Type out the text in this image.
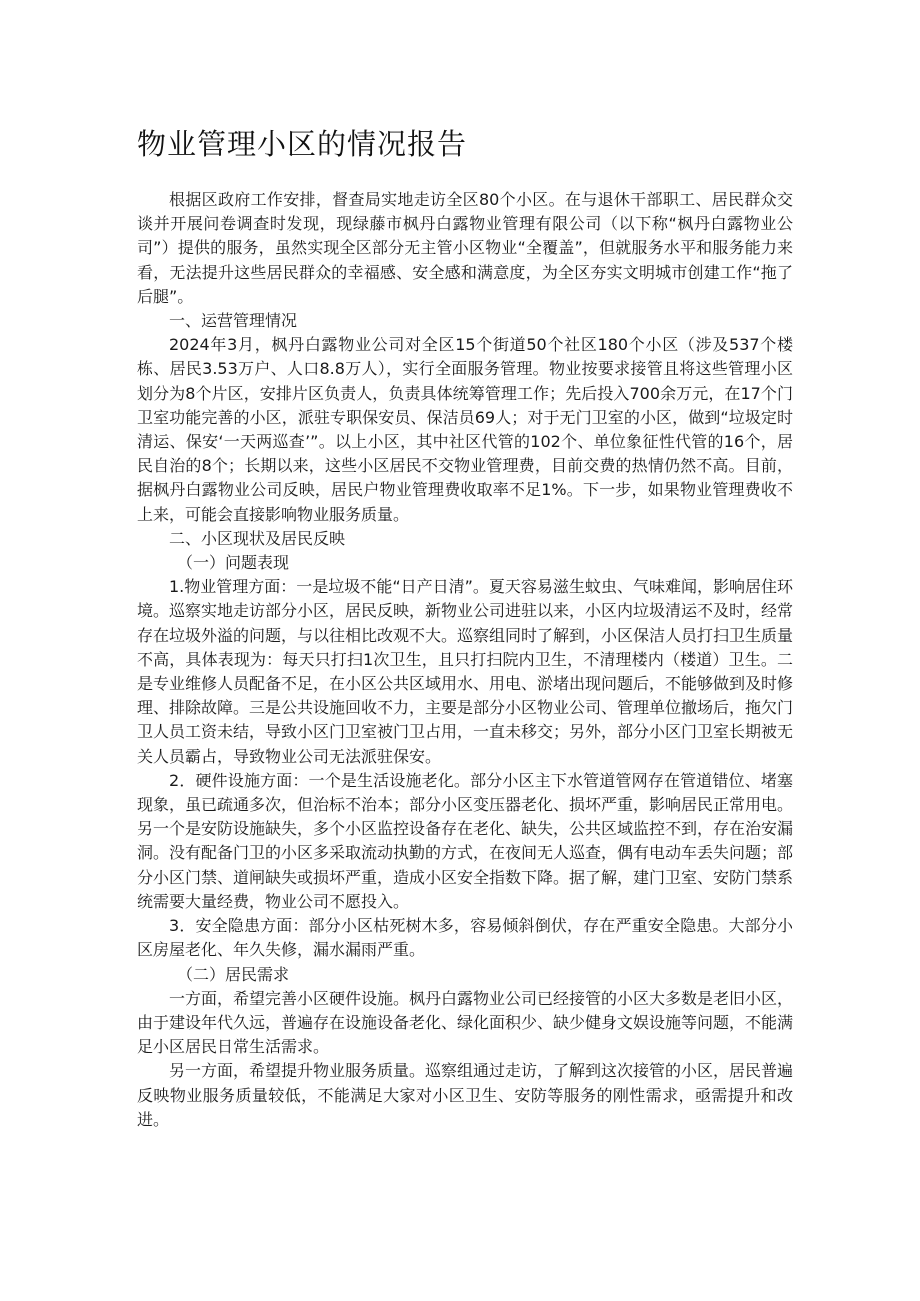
物业管理小区的情况报告

根据区政府工作安排，督查局实地走访全区80个小区。在与退休干部职工、居民群众交谈并开展问卷调查时发现，现绿藤市枫丹白露物业管理有限公司（以下称“枫丹白露物业公司”）提供的服务，虽然实现全区部分无主管小区物业“全覆盖”，但就服务水平和服务能力来看，无法提升这些居民群众的幸福感、安全感和满意度，为全区夯实文明城市创建工作“拖了后腿”。

一、运营管理情况

2024年3月，枫丹白露物业公司对全区15个街道50个社区180个小区（涉及537个楼栋、居民3.53万户、人口8.8万人），实行全面服务管理。物业按要求接管且将这些管理小区划分为8个片区，安排片区负责人，负责具体统筹管理工作；先后投入700余万元，在17个门卫室功能完善的小区，派驻专职保安员、保洁员69人；对于无门卫室的小区，做到“垃圾定时清运、保安‘一天两巡查’”。以上小区，其中社区代管的102个、单位象征性代管的16个，居民自治的8个；长期以来，这些小区居民不交物业管理费，目前交费的热情仍然不高。目前，据枫丹白露物业公司反映，居民户物业管理费收取率不足1%。下一步，如果物业管理费收不上来，可能会直接影响物业服务质量。

二、小区现状及居民反映

（一）问题表现

1.物业管理方面：一是垃圾不能“日产日清”。夏天容易滋生蚊虫、气味难闻，影响居住环境。巡察实地走访部分小区，居民反映，新物业公司进驻以来，小区内垃圾清运不及时，经常存在垃圾外溢的问题，与以往相比改观不大。巡察组同时了解到，小区保洁人员打扫卫生质量不高，具体表现为：每天只打扫1次卫生，且只打扫院内卫生，不清理楼内（楼道）卫生。二是专业维修人员配备不足，在小区公共区域用水、用电、淤堵出现问题后，不能够做到及时修理、排除故障。三是公共设施回收不力，主要是部分小区物业公司、管理单位撤场后，拖欠门卫人员工资未结，导致小区门卫室被门卫占用，一直未移交；另外，部分小区门卫室长期被无关人员霸占，导致物业公司无法派驻保安。

2．硬件设施方面：一个是生活设施老化。部分小区主下水管道管网存在管道错位、堵塞现象，虽已疏通多次，但治标不治本；部分小区变压器老化、损坏严重，影响居民正常用电。另一个是安防设施缺失，多个小区监控设备存在老化、缺失，公共区域监控不到，存在治安漏洞。没有配备门卫的小区多采取流动执勤的方式，在夜间无人巡查，偶有电动车丢失问题；部分小区门禁、道闸缺失或损坏严重，造成小区安全指数下降。据了解，建门卫室、安防门禁系统需要大量经费，物业公司不愿投入。

3．安全隐患方面：部分小区枯死树木多，容易倾斜倒伏，存在严重安全隐患。大部分小区房屋老化、年久失修，漏水漏雨严重。

（二）居民需求

一方面，希望完善小区硬件设施。枫丹白露物业公司已经接管的小区大多数是老旧小区，由于建设年代久远，普遍存在设施设备老化、绿化面积少、缺少健身文娱设施等问题，不能满足小区居民日常生活需求。

另一方面，希望提升物业服务质量。巡察组通过走访，了解到这次接管的小区，居民普遍反映物业服务质量较低，不能满足大家对小区卫生、安防等服务的刚性需求，亟需提升和改进。
